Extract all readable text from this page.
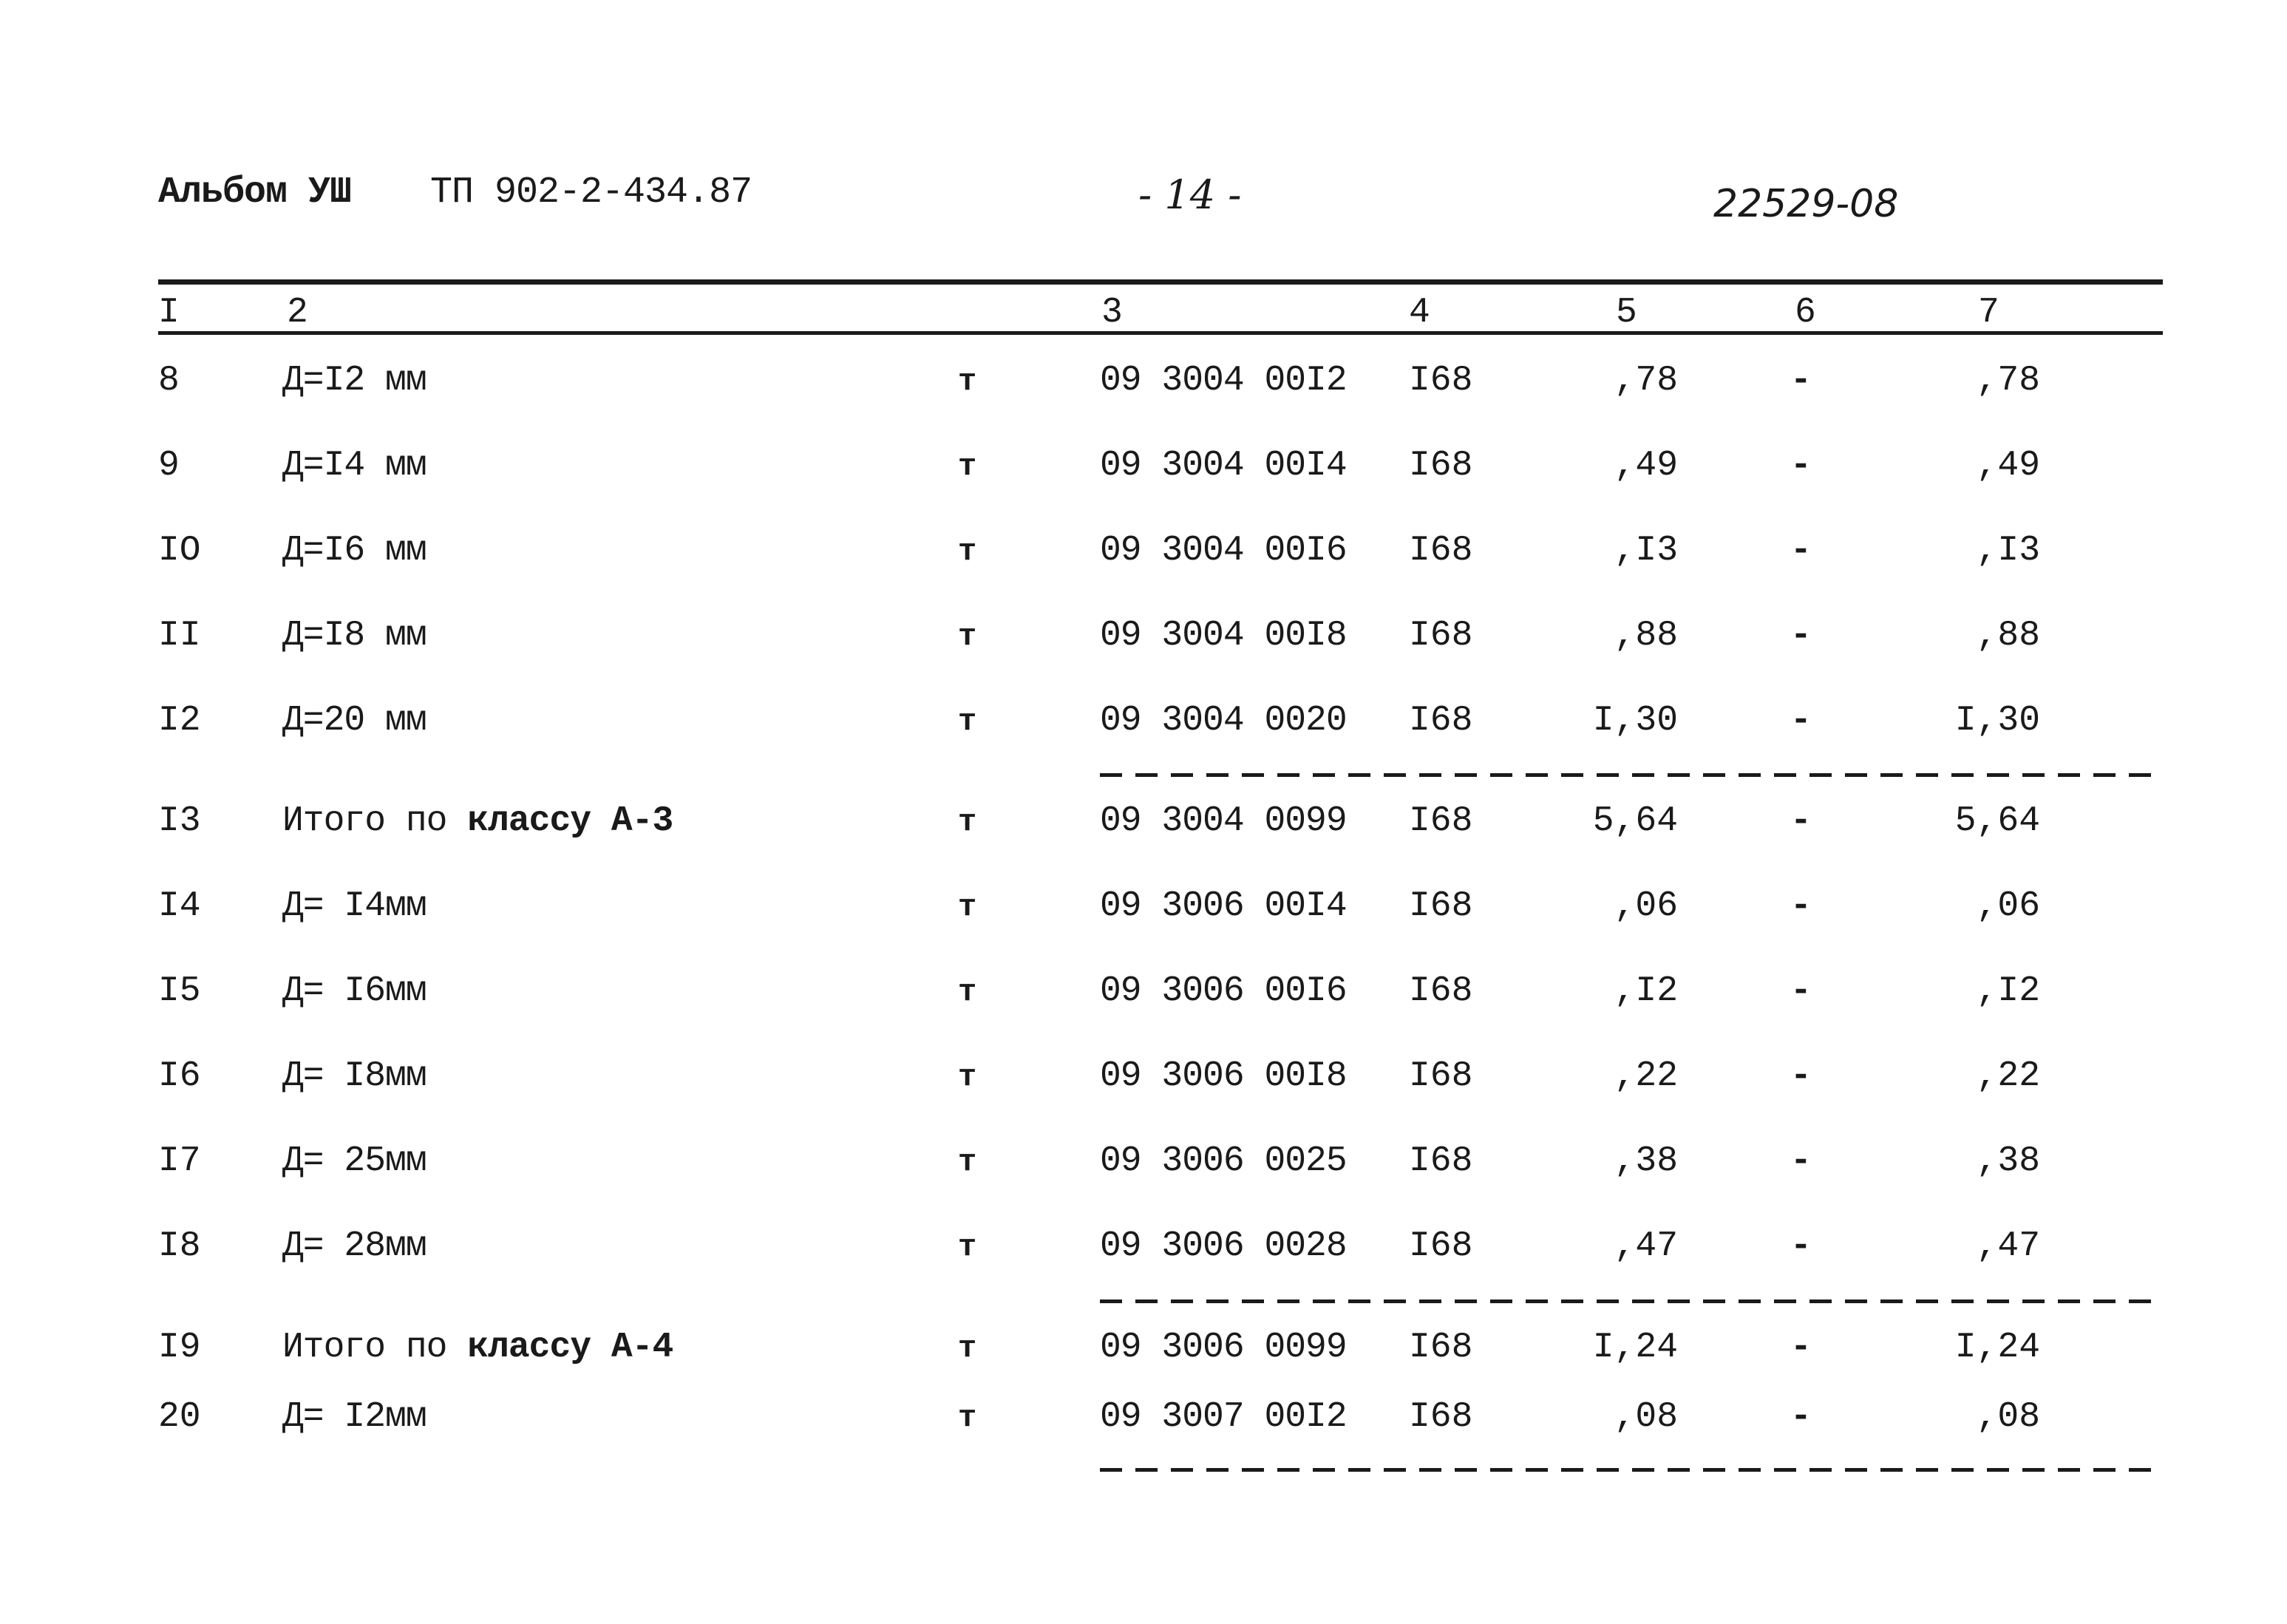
Альбом УШ ТП 902-2-434.87	- 14 -	22529-08
I	2	3	4	5	6	7
8	Д=I2 мм	т	09 3004 00I2 I68	,78	-	,78
9	Д=I4 мм	т	09 3004 00I4 I68	,49	-	,49
IO Д=I6 мм	т	09 3004 00I6 I68	,I3	-	,I3
II Д=I8 мм	т	09 3004 00I8 I68	,88	-	,88
I2 Д=20 мм	т	09 3004 0020 I68	I,30	-	I,30
I3 Итого по классу А-3	т	09 3004 0099 I68	5,64	-	5,64
I4 Д= I4мм	т	09 3006 00I4 I68	,06	-	,06
I5 Д= I6мм	т	09 3006 00I6 I68	,I2	-	,I2
I6 Д= I8мм	т	09 3006 00I8 I68	,22	-	,22
I7 Д= 25мм	т	09 3006 0025 I68	,38	-	,38
I8 Д= 28мм	т	09 3006 0028 I68	,47	-	,47
I9 Итого по классу А-4	т	09 3006 0099 I68	I,24	-	I,24
20 Д= I2мм	т	09 3007 00I2 I68	,08	-	,08
